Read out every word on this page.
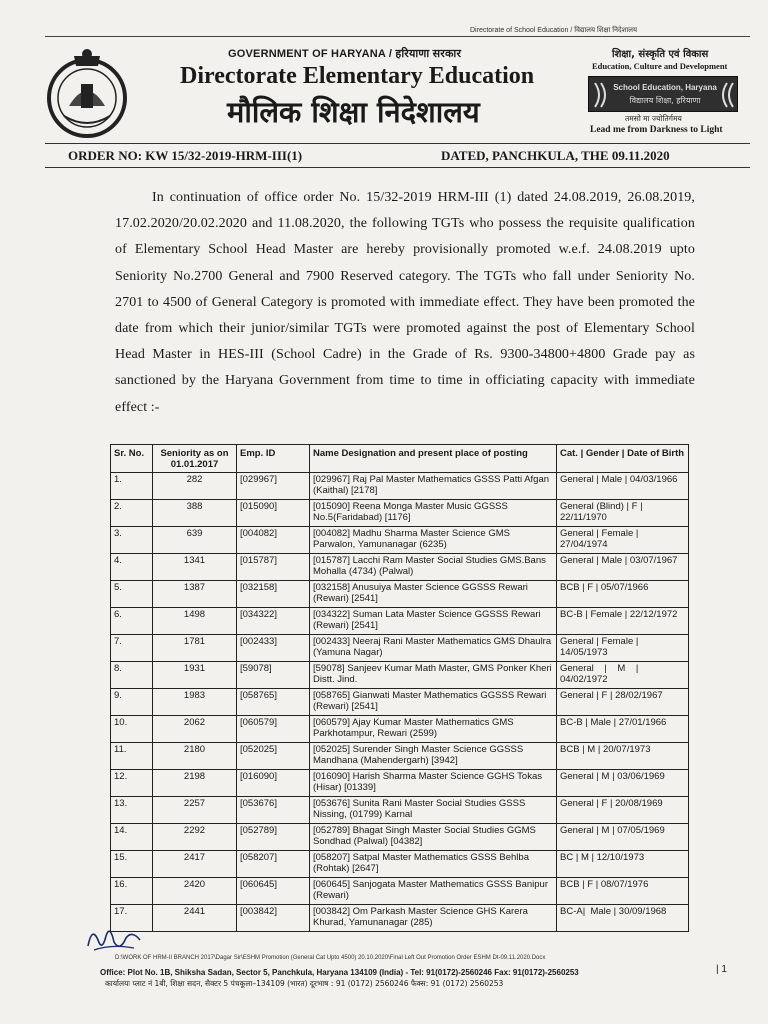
Directorate of School Education / विद्यालय शिक्षा निदेशालय
GOVERNMENT OF HARYANA / हरियाणा सरकार
Directorate Elementary Education
मौलिक शिक्षा निदेशालय
शिक्षा, संस्कृति एवं विकास
Education, Culture and Development
School Education, Haryana
विद्यालय शिक्षा, हरियाणा
तमसो मा ज्योतिर्गमय
Lead me from Darkness to Light
ORDER NO: KW 15/32-2019-HRM-III(1)	DATED, PANCHKULA, THE 09.11.2020
In continuation of office order No. 15/32-2019 HRM-III (1) dated 24.08.2019, 26.08.2019, 17.02.2020/20.02.2020 and 11.08.2020, the following TGTs who possess the requisite qualification of Elementary School Head Master are hereby provisionally promoted w.e.f. 24.08.2019 upto Seniority No.2700 General and 7900 Reserved category. The TGTs who fall under Seniority No. 2701 to 4500 of General Category is promoted with immediate effect. They have been promoted the date from which their junior/similar TGTs were promoted against the post of Elementary School Head Master in HES-III (School Cadre) in the Grade of Rs. 9300-34800+4800 Grade pay as sanctioned by the Haryana Government from time to time in officiating capacity with immediate effect :-
Sr. No.	Seniority as on 01.01.2017	Emp. ID	Name Designation and present place of posting	Cat. | Gender | Date of Birth
1.	282	[029967]	[029967] Raj Pal Master Mathematics GSSS Patti Afgan (Kaithal) [2178]	General | Male | 04/03/1966
2.	388	[015090]	[015090] Reena Monga Master Music GGSSS No.5(Faridabad) [1176]	General (Blind) | F | 22/11/1970
3.	639	[004082]	[004082] Madhu Sharma Master Science GMS Parwalon, Yamunanagar (6235)	General | Female | 27/04/1974
4.	1341	[015787]	[015787] Lacchi Ram Master Social Studies GMS.Bans Mohalla (4734) (Palwal)	General | Male | 03/07/1967
5.	1387	[032158]	[032158] Anusuiya Master Science GGSSS Rewari (Rewari) [2541]	BCB | F | 05/07/1966
6.	1498	[034322]	[034322] Suman Lata Master Science GGSSS Rewari (Rewari) [2541]	BC-B | Female | 22/12/1972
7.	1781	[002433]	[002433] Neeraj Rani Master Mathematics GMS Dhaulra (Yamuna Nagar)	General | Female | 14/05/1973
8.	1931	[59078]	[59078] Sanjeev Kumar Math Master, GMS Ponker Kheri Distt. Jind.	General    |    M    | 04/02/1972
9.	1983	[058765]	[058765] Gianwati Master Mathematics GGSSS Rewari (Rewari) [2541]	General | F | 28/02/1967
10.	2062	[060579]	[060579] Ajay Kumar Master Mathematics GMS Parkhotampur, Rewari (2599)	BC-B | Male | 27/01/1966
11.	2180	[052025]	[052025] Surender Singh Master Science GGSSS Mandhana (Mahendergarh) [3942]	BCB | M | 20/07/1973
12.	2198	[016090]	[016090] Harish Sharma Master Science GGHS Tokas (Hisar) [01339]	General | M | 03/06/1969
13.	2257	[053676]	[053676] Sunita Rani Master Social Studies GSSS Nissing, (01799) Karnal	General | F | 20/08/1969
14.	2292	[052789]	[052789] Bhagat Singh Master Social Studies GGMS Sondhad (Palwal) [04382]	General | M | 07/05/1969
15.	2417	[058207]	[058207] Satpal Master Mathematics GSSS Behlba (Rohtak) [2647]	BC | M | 12/10/1973
16.	2420	[060645]	[060645] Sanjogata Master Mathematics GSSS Banipur (Rewari)	BCB | F | 08/07/1976
17.	2441	[003842]	[003842] Om Parkash Master Science GHS Karera Khurad, Yamunanagar (285)	BC-A|  Male | 30/09/1968
D:\WORK OF HRM-II BRANCH 2017\Dagar Sir\ESHM Promotion (General Cat Upto 4500) 20.10.2020\Final Left Out Promotion Order ESHM Dt-09.11.2020.Docx
Office: Plot No. 1B, Shiksha Sadan, Sector 5, Panchkula, Haryana 134109 (India) - Tel: 91(0172)-2560246 Fax: 91(0172)-2560253
कार्यालयः प्लाट नं 1बी, शिक्षा सदन, सैक्टर 5 पंचकूला–134109 (भारत) दूरभाष : 91 (0172) 2560246 फैक्स: 91 (0172) 2560253
| 1
